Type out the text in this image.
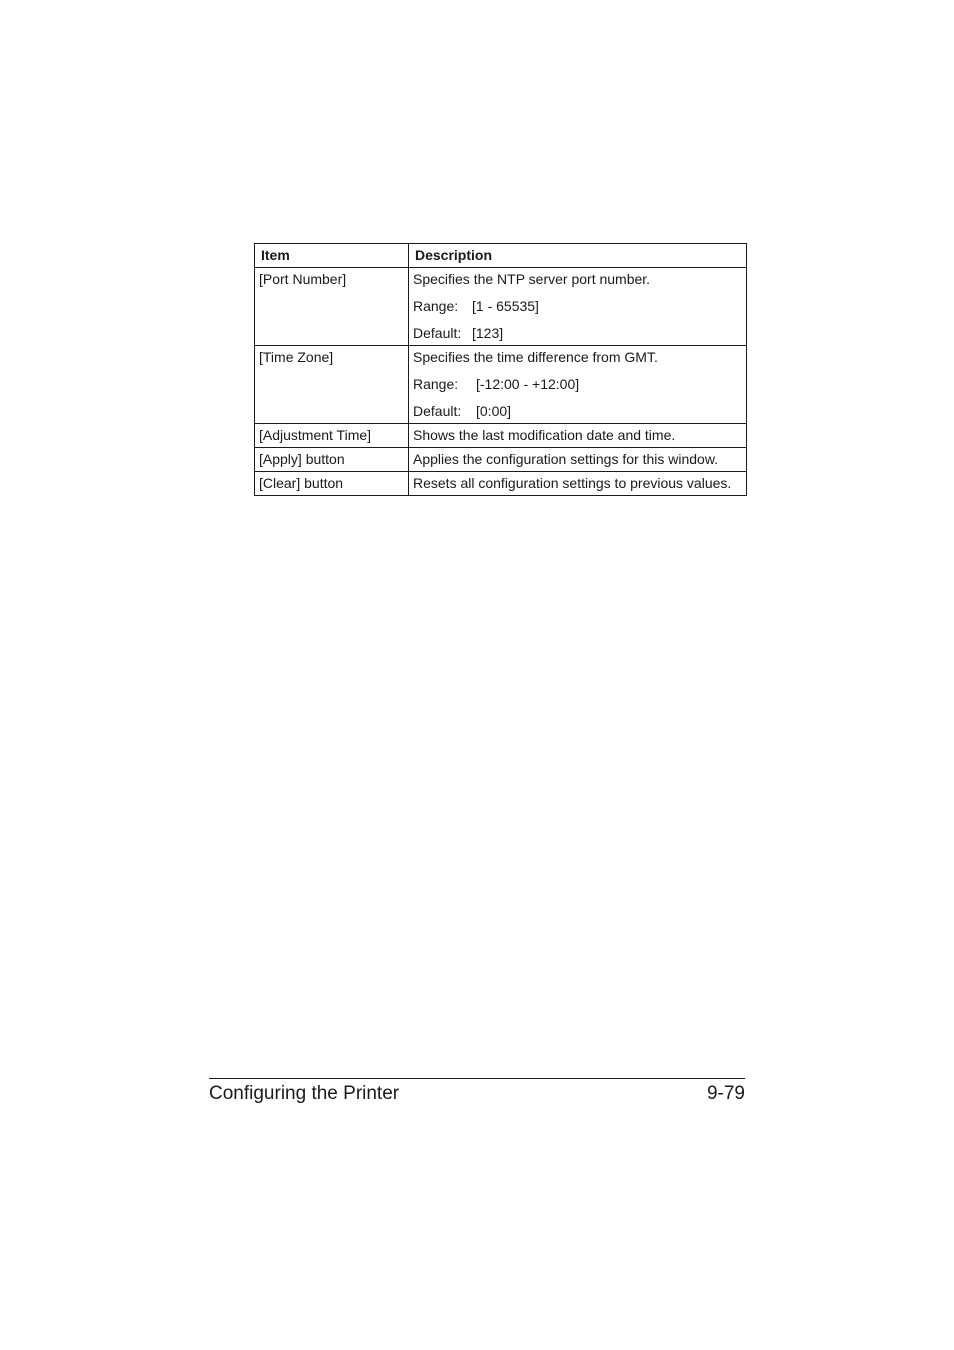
Item	Description
[Port Number]	Specifies the NTP server port number.
Range: [1 - 65535]
Default: [123]

[Time Zone]	Specifies the time difference from GMT.
Range: [-12:00 - +12:00]
Default: [0:00]

[Adjustment Time]	Shows the last modification date and time.
[Apply] button	Applies the configuration settings for this window.
[Clear] button	Resets all configuration settings to previous values.
Configuring the Printer	9-79
